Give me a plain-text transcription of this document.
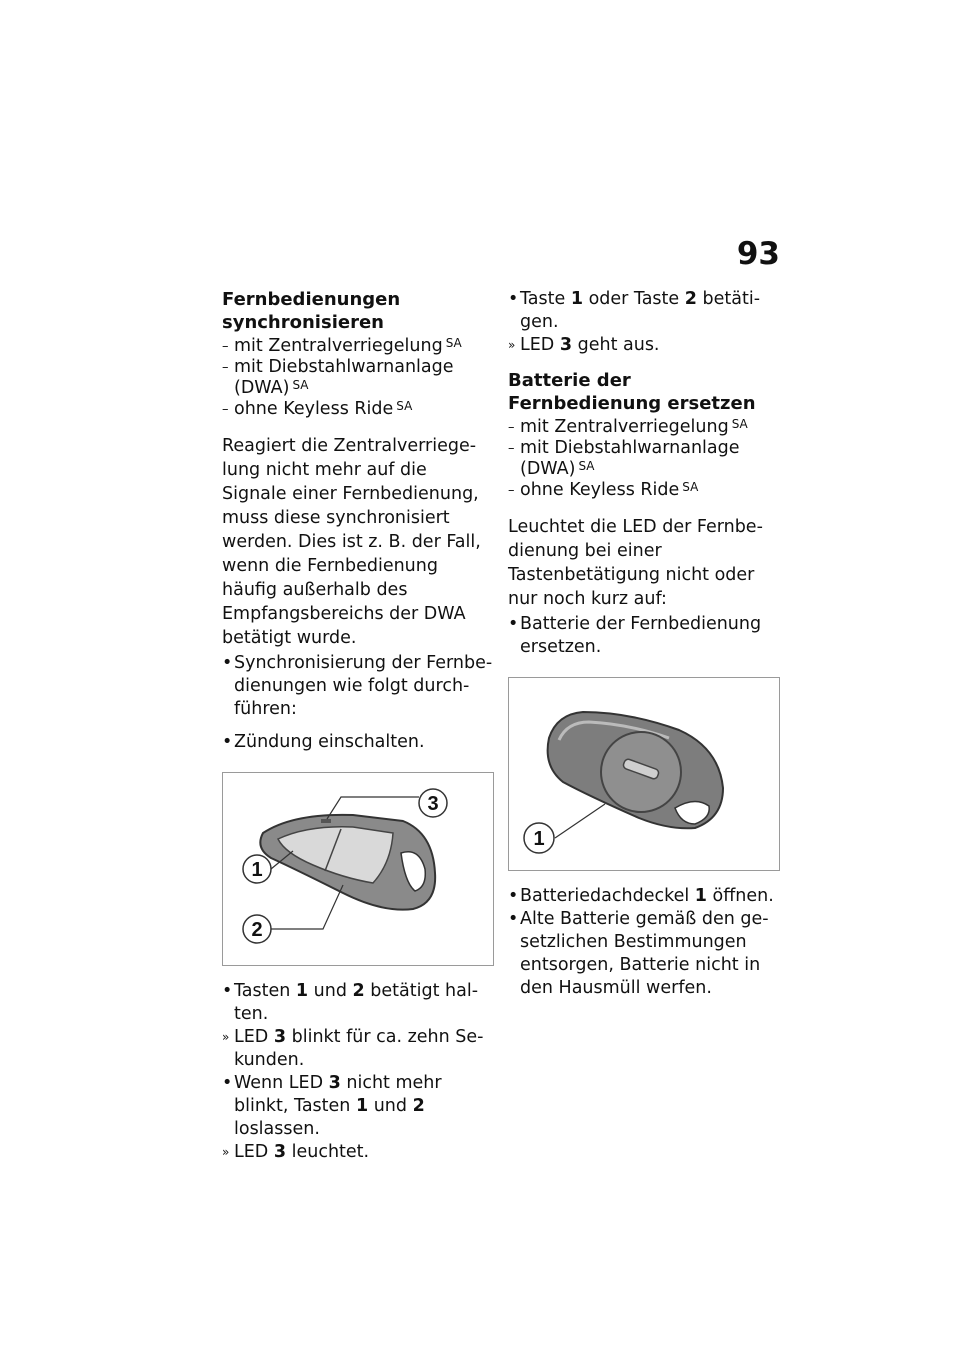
93
Fernbedienungen synchronisieren
– mit Zentralverriegelung $^{SA}$
– mit Diebstahlwarnanlage (DWA) $^{SA}$
– ohne Keyless Ride $^{SA}$

Reagiert die Zentralverriegelung nicht mehr auf die Signale einer Fernbedienung, muss diese synchronisiert werden. Dies ist z. B. der Fall, wenn die Fernbedienung häufig außerhalb des Empfangsbereichs der DWA betätigt wurde.

• Synchronisierung der Fernbedienungen wie folgt durchführen:
• Zündung einschalten.
3
1
2
• Tasten 1 und 2 betätigt halten.
» LED 3 blinkt für ca. zehn Sekunden.
• Wenn LED 3 nicht mehr blinkt, Tasten 1 und 2 loslassen.
» LED 3 leuchtet.
• Taste 1 oder Taste 2 betätigen.
» LED 3 geht aus.
Batterie der Fernbedienung ersetzen
– mit Zentralverriegelung $^{SA}$
– mit Diebstahlwarnanlage (DWA) $^{SA}$
– ohne Keyless Ride $^{SA}$

Leuchtet die LED der Fernbedienung bei einer Tastenbetätigung nicht oder nur noch kurz auf:

• Batterie der Fernbedienung ersetzen.
1
• Batteriedachdeckel 1 öffnen.
• Alte Batterie gemäß den gesetzlichen Bestimmungen entsorgen, Batterie nicht in den Hausmüll werfen.
